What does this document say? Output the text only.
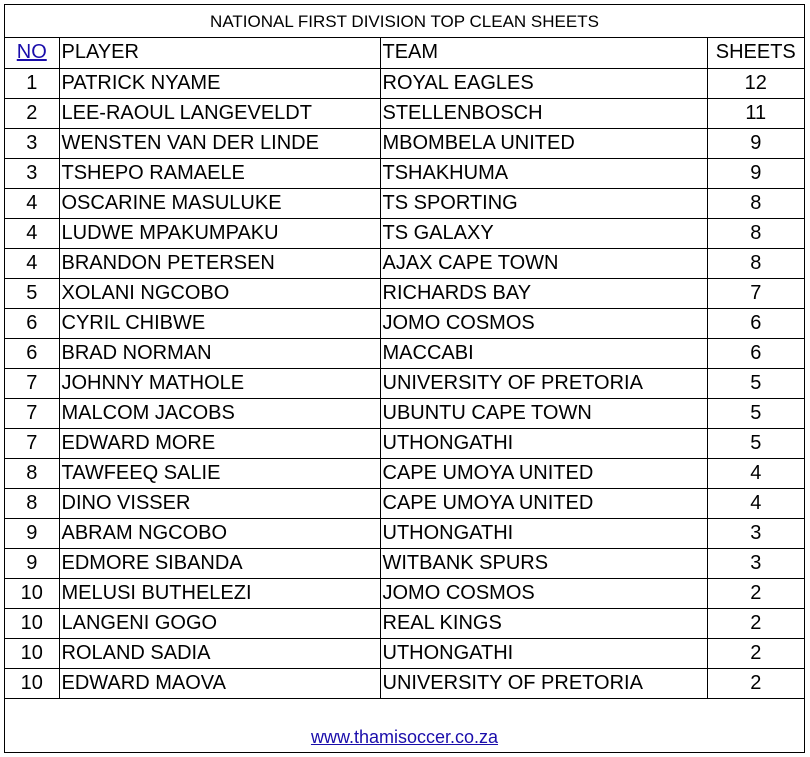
NATIONAL FIRST DIVISION TOP CLEAN SHEETS
NO	PLAYER	TEAM	SHEETS
1	PATRICK NYAME	ROYAL EAGLES	12
2	LEE-RAOUL LANGEVELDT	STELLENBOSCH	11
3	WENSTEN VAN DER LINDE	MBOMBELA UNITED	9
3	TSHEPO RAMAELE	TSHAKHUMA	9
4	OSCARINE MASULUKE	TS SPORTING	8
4	LUDWE MPAKUMPAKU	TS GALAXY	8
4	BRANDON PETERSEN	AJAX CAPE TOWN	8
5	XOLANI NGCOBO	RICHARDS BAY	7
6	CYRIL CHIBWE	JOMO COSMOS	6
6	BRAD NORMAN	MACCABI	6
7	JOHNNY MATHOLE	UNIVERSITY OF PRETORIA	5
7	MALCOM JACOBS	UBUNTU CAPE TOWN	5
7	EDWARD MORE	UTHONGATHI	5
8	TAWFEEQ SALIE	CAPE UMOYA UNITED	4
8	DINO VISSER	CAPE UMOYA UNITED	4
9	ABRAM NGCOBO	UTHONGATHI	3
9	EDMORE SIBANDA	WITBANK SPURS	3
10	MELUSI BUTHELEZI	JOMO COSMOS	2
10	LANGENI GOGO	REAL KINGS	2
10	ROLAND SADIA	UTHONGATHI	2
10	EDWARD MAOVA	UNIVERSITY OF PRETORIA	2
www.thamisoccer.co.za
